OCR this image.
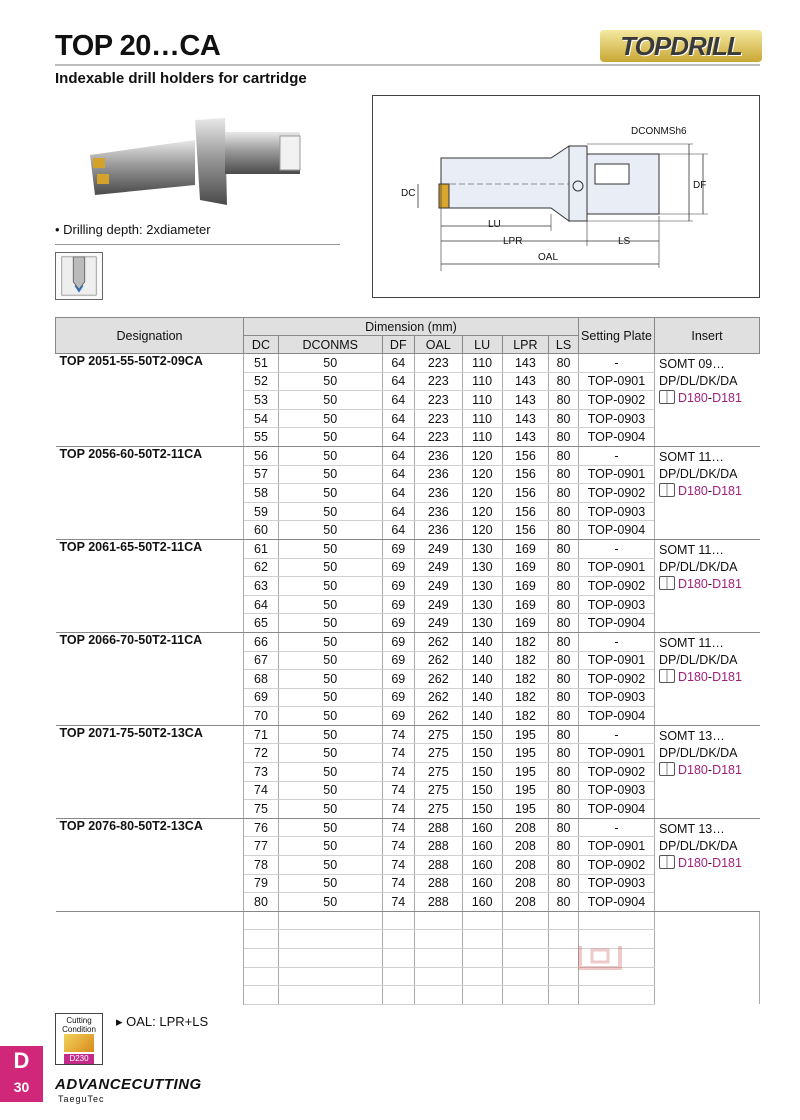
TOP 20…CA
Indexable drill holders for cartridge
TOPDRILL
• Drilling depth: 2xdiameter
DCONMSh6
DC
DF
LU
LPR	LS
OAL
Designation	Dimension (mm)							Setting Plate	Insert
	DC	DCONMS	DF	OAL	LU	LPR	LS		
TOP 2051-55-50T2-09CA	51	50	64	223	110	143	80	-	SOMT 09…
DP/DL/DK/DA
D180-D181

	52	50	64	223	110	143	80	TOP-0901	
	53	50	64	223	110	143	80	TOP-0902	
	54	50	64	223	110	143	80	TOP-0903	
	55	50	64	223	110	143	80	TOP-0904	
TOP 2056-60-50T2-11CA	56	50	64	236	120	156	80	-	SOMT 11…
DP/DL/DK/DA
D180-D181

	57	50	64	236	120	156	80	TOP-0901	
	58	50	64	236	120	156	80	TOP-0902	
	59	50	64	236	120	156	80	TOP-0903	
	60	50	64	236	120	156	80	TOP-0904	
TOP 2061-65-50T2-11CA	61	50	69	249	130	169	80	-	SOMT 11…
DP/DL/DK/DA
D180-D181

	62	50	69	249	130	169	80	TOP-0901	
	63	50	69	249	130	169	80	TOP-0902	
	64	50	69	249	130	169	80	TOP-0903	
	65	50	69	249	130	169	80	TOP-0904	
TOP 2066-70-50T2-11CA	66	50	69	262	140	182	80	-	SOMT 11…
DP/DL/DK/DA
D180-D181

	67	50	69	262	140	182	80	TOP-0901	
	68	50	69	262	140	182	80	TOP-0902	
	69	50	69	262	140	182	80	TOP-0903	
	70	50	69	262	140	182	80	TOP-0904	
TOP 2071-75-50T2-13CA	71	50	74	275	150	195	80	-	SOMT 13…
DP/DL/DK/DA
D180-D181

	72	50	74	275	150	195	80	TOP-0901	
	73	50	74	275	150	195	80	TOP-0902	
	74	50	74	275	150	195	80	TOP-0903	
	75	50	74	275	150	195	80	TOP-0904	
TOP 2076-80-50T2-13CA	76	50	74	288	160	208	80	-	SOMT 13…
DP/DL/DK/DA
D180-D181

	77	50	74	288	160	208	80	TOP-0901	
	78	50	74	288	160	208	80	TOP-0902	
	79	50	74	288	160	208	80	TOP-0903	
	80	50	74	288	160	208	80	TOP-0904	

Cutting Condition
D230
▸ OAL: LPR+LS
D
30	ADVANCECUTTING
TaeguTec
